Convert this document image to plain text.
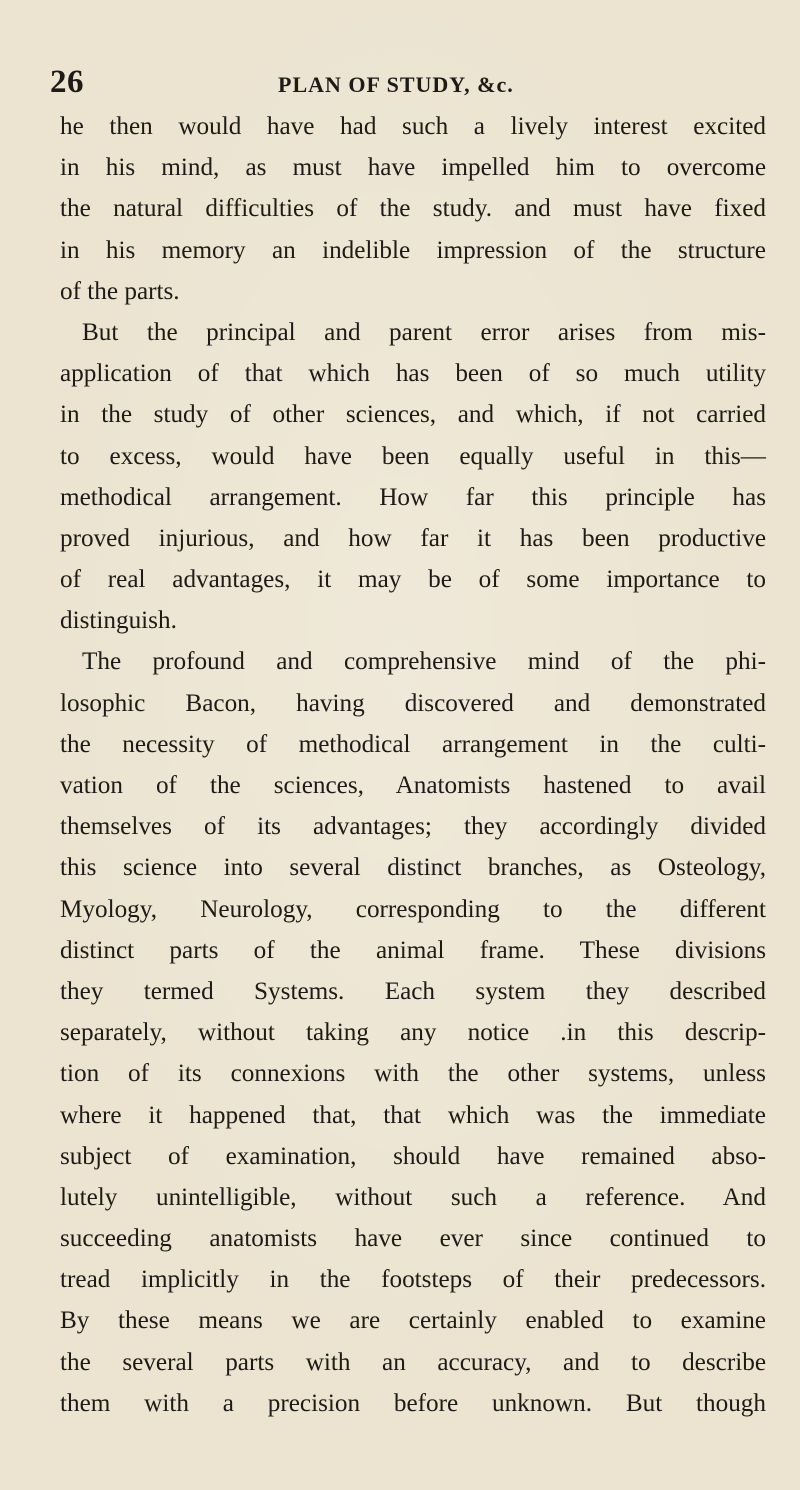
26	PLAN OF STUDY, &c.
he then would have had such a lively interest excited
in his mind, as must have impelled him to overcome
the natural difficulties of the study. and must have fixed
in his memory an indelible impression of the structure
of the parts.
But the principal and parent error arises from mis-
application of that which has been of so much utility
in the study of other sciences, and which, if not carried
to excess, would have been equally useful in this—
methodical arrangement. How far this principle has
proved injurious, and how far it has been productive
of real advantages, it may be of some importance to
distinguish.
The profound and comprehensive mind of the phi-
losophic Bacon, having discovered and demonstrated
the necessity of methodical arrangement in the culti-
vation of the sciences, Anatomists hastened to avail
themselves of its advantages; they accordingly divided
this science into several distinct branches, as Osteology,
Myology, Neurology, corresponding to the different
distinct parts of the animal frame. These divisions
they termed Systems. Each system they described
separately, without taking any notice .in this descrip-
tion of its connexions with the other systems, unless
where it happened that, that which was the immediate
subject of examination, should have remained abso-
lutely unintelligible, without such a reference. And
succeeding anatomists have ever since continued to
tread implicitly in the footsteps of their predecessors.
By these means we are certainly enabled to examine
the several parts with an accuracy, and to describe
them with a precision before unknown. But though
